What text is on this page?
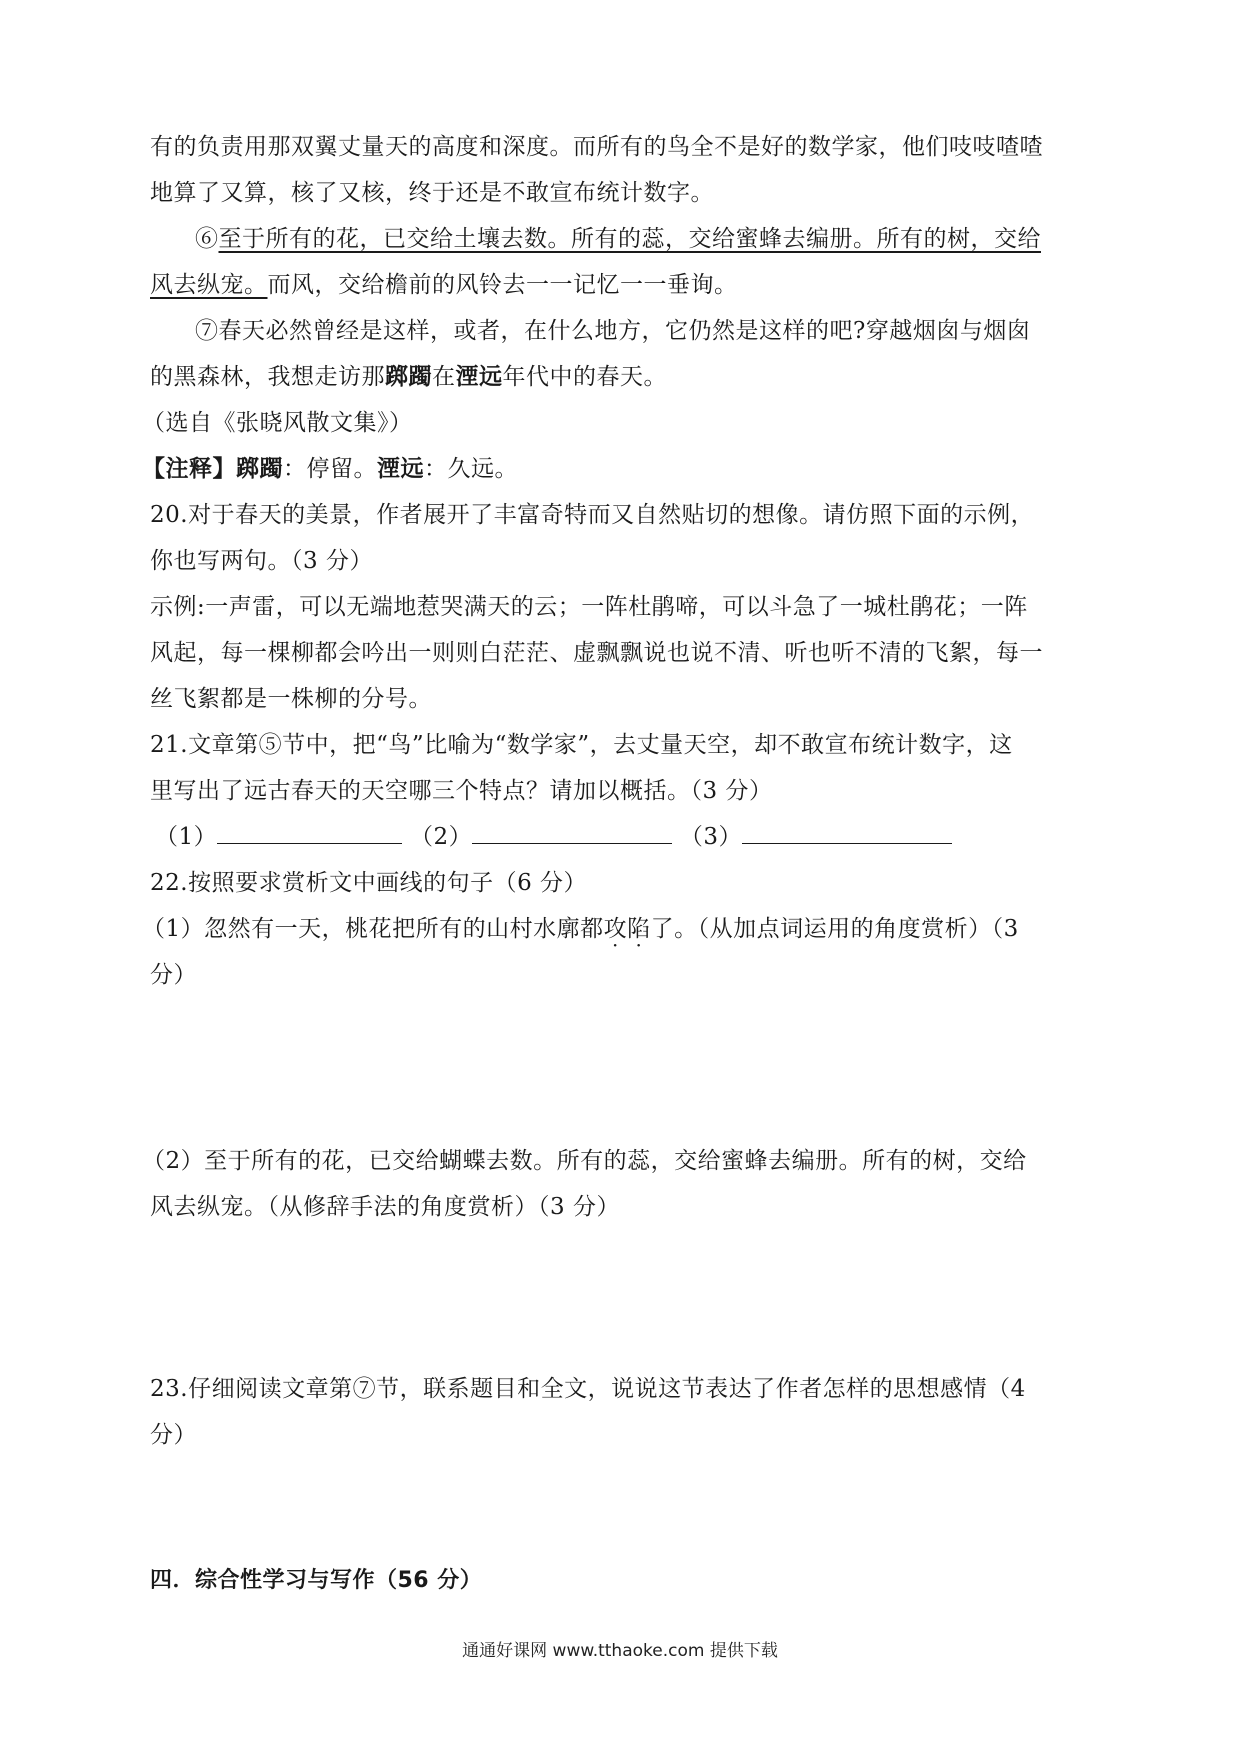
有的负责用那双翼丈量天的高度和深度。而所有的鸟全不是好的数学家，他们吱吱喳喳
地算了又算，核了又核，终于还是不敢宣布统计数字。
⑥至于所有的花，已交给土壤去数。所有的蕊，交给蜜蜂去编册。所有的树，交给
风去纵宠。而风，交给檐前的风铃去一一记忆一一垂询。
⑦春天必然曾经是这样，或者，在什么地方，它仍然是这样的吧?穿越烟囱与烟囱
的黑森林，我想走访那踯躅在湮远年代中的春天。
（选自《张晓风散文集》）
【注释】踯躅：停留。湮远：久远。
20.对于春天的美景，作者展开了丰富奇特而又自然贴切的想像。请仿照下面的示例，
你也写两句。（3 分）
示例:一声雷，可以无端地惹哭满天的云；一阵杜鹃啼，可以斗急了一城杜鹃花；一阵
风起，每一棵柳都会吟出一则则白茫茫、虚飘飘说也说不清、听也听不清的飞絮，每一
丝飞絮都是一株柳的分号。
21.文章第⑤节中，把“鸟”比喻为“数学家”，去丈量天空，却不敢宣布统计数字，这
里写出了远古春天的天空哪三个特点？请加以概括。（3 分）
（1）	（2）	（3）
22.按照要求赏析文中画线的句子（6 分）
（1）忽然有一天，桃花把所有的山村水廓都攻陷了。（从加点词运用的角度赏析）（3
分）
（2）至于所有的花，已交给蝴蝶去数。所有的蕊，交给蜜蜂去编册。所有的树，交给
风去纵宠。（从修辞手法的角度赏析）（3 分）
23.仔细阅读文章第⑦节，联系题目和全文，说说这节表达了作者怎样的思想感情（4
分）
四．综合性学习与写作（56 分）
通通好课网 www.tthaoke.com 提供下载
